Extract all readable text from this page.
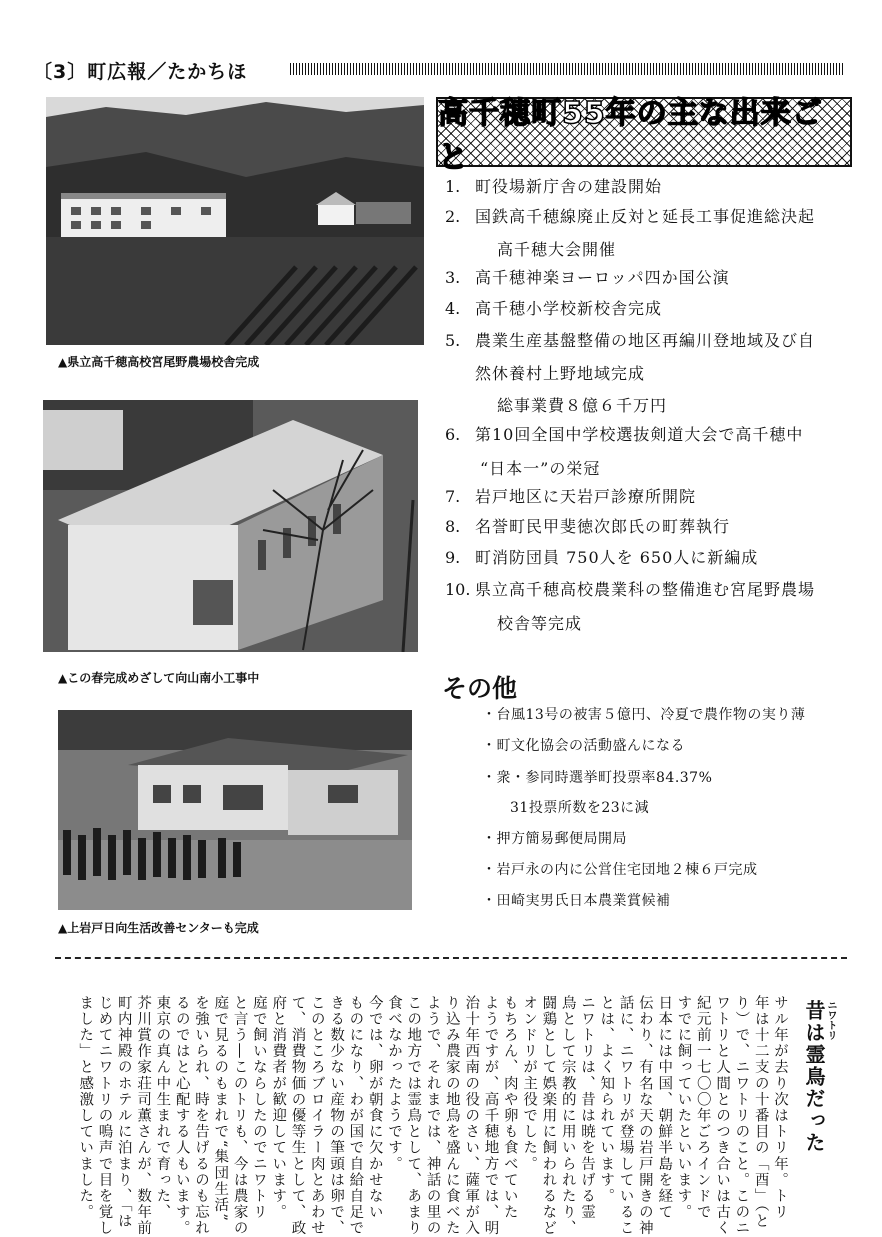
〔3〕町広報／たかちほ
▲県立高千穂高校宮尾野農場校舎完成
▲この春完成めざして向山南小工事中
▲上岩戸日向生活改善センターも完成
高千穂町55年の主な出来ごと
1. 町役場新庁舎の建設開始
2. 国鉄高千穂線廃止反対と延長工事促進総決起
高千穂大会開催
3. 高千穂神楽ヨーロッパ四か国公演
4. 高千穂小学校新校舎完成
5. 農業生産基盤整備の地区再編川登地域及び自
然休養村上野地域完成
総事業費８億６千万円
6. 第10回全国中学校選抜剣道大会で高千穂中
“日本一”の栄冠
7. 岩戸地区に天岩戸診療所開院
8. 名誉町民甲斐徳次郎氏の町葬執行
9. 町消防団員 750人を 650人に新編成
10. 県立高千穂高校農業科の整備進む宮尾野農場
校舎等完成
その他
・台風13号の被害５億円、冷夏で農作物の実り薄
・町文化協会の活動盛んになる
・衆・参同時選挙町投票率84.37%
31投票所数を23に減
・押方簡易郵便局開局
・岩戸永の内に公営住宅団地２棟６戸完成
・田崎実男氏日本農業賞候補
ニワトリ
昔は霊鳥だった
サル年が去り次はトリ年。トリ
年は十二支の十番目の「酉」（と
り）で、ニワトリのこと。このニ
ワトリと人間とのつき合いは古く
紀元前一七〇〇年ごろインドで
すでに飼っていたといいます。
日本には中国、朝鮮半島を経て
伝わり、有名な天の岩戸開きの神
話に、ニワトリが登場しているこ
とは、よく知られています。
ニワトリは、昔は暁を告げる霊
鳥として宗教的に用いられたり、
闘鶏として娯楽用に飼われるなど
オンドリが主役でした。
もちろん、肉や卵も食べていた
ようですが、高千穂地方では、明
治十年西南の役のさい、薩軍が入
り込み農家の地鳥を盛んに食べた
ようで、それまでは、神話の里の
この地方では霊鳥として、あまり
食べなかったようです。
今では、卵が朝食に欠かせない
ものになり、わが国で自給自足で
きる数少ない産物の筆頭は卵で、
このところブロイラー肉とあわせ
て、消費物価の優等生として、政
府と消費者が歓迎しています。
庭で飼いならしたのでニワトリ
と言う―このトリも、今は農家の
庭で見るのもまれで“集団生活”
を強いられ、時を告げるのも忘れ
るのではと心配する人もいます。
東京の真ん中生まれで育った、
芥川賞作家荘司薫さんが、数年前
町内神殿のホテルに泊まり、「は
じめてニワトリの鳴声で目を覚し
ました」と感激していました。
